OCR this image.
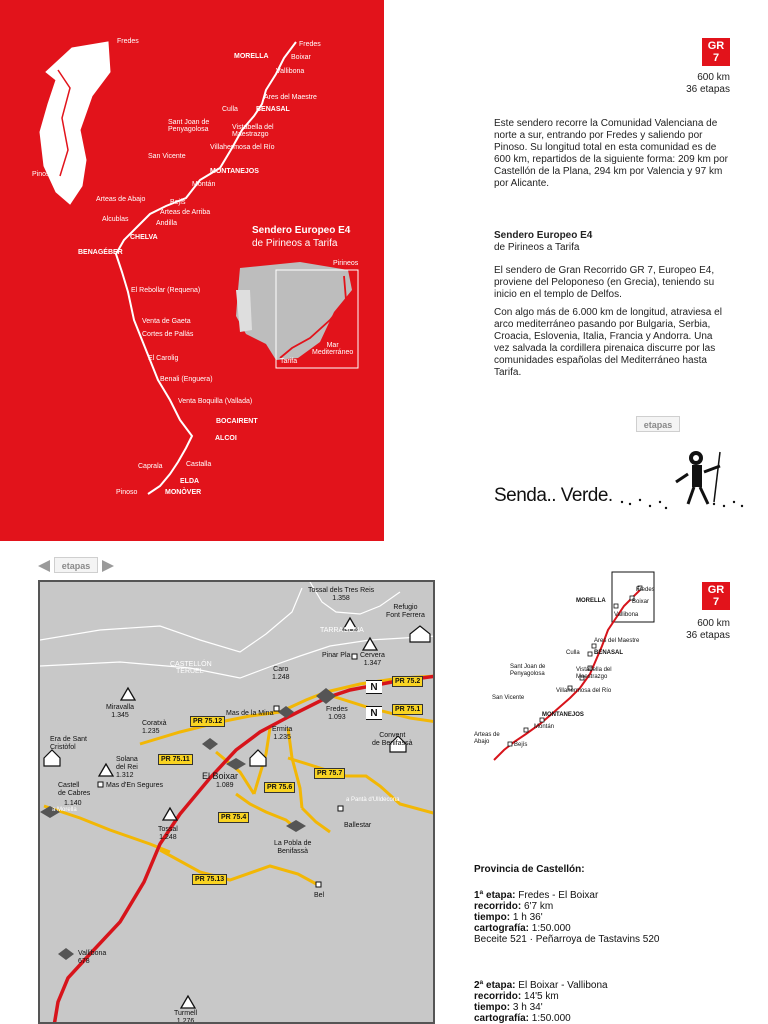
Fredes
Pinoso
Fredes
Boixar
MORELLA
Vallibona
Ares del Maestre
Culla	BENASAL
Sant Joan de
Penyagolosa	Vistabella del
Maestrazgo
Villahermosa del Río
San Vicente
MONTANEJOS
Montán
Arteas de Abajo	Bejís
Arteas de Arriba
Andilla
Alcublas
CHELVA
BENAGÉBER
El Rebollar (Requena)
Venta de Gaeta
Cortes de Pallás
El Carolig
Benali (Enguera)
Venta Boquilla (Vallada)
BOCAIRENT
ALCOI
Caprala	Castalla
ELDA
Pinoso	MONÒVER
Sendero Europeo E4
de Pirineos a Tarifa
Pirineos
Mar
Mediterráneo
Tarifa
GR
7
600 km
36 etapas

Este sendero recorre la Comunidad Valenciana de norte a sur, entrando por Fredes y saliendo por Pinoso. Su longitud total en esta comunidad es de 600 km, repartidos de la siguiente forma: 209 km por Castellón de la Plana, 294 km por Valencia y 97 km por Alicante.

Sendero Europeo E4
de Pirineos a Tarifa

El sendero de Gran Recorrido GR 7, Europeo E4, proviene del Peloponeso (en Grecia), teniendo su inicio en el templo de Delfos.

Con algo más de 6.000 km de longitud, atraviesa el arco mediterráneo pasando por Bulgaria, Serbia, Croacia, Eslovenia, Italia, Francia y Andorra. Una vez salvada la cordillera pirenaica discurre por las comunidades españolas del Mediterráneo hasta Tarifa.

etapas
Senda.. Verde.
etapas
TERUEL
CASTELLÓN
TARRAGONA
Tossal dels Tres Reis
1.358
Refugio
Font Ferrera
Cervera
1.347
Pinar Pla
Caro
1.248
Miravalla
1.345
Coratxà
1.235
Fredes
1.093
Ermita
1.235
Solana
del Rei
1.312
Castell
de Cabres
1.140
El Boixar
1.089
Tossal
1.248
Vallibona
678
Turmell
1.276
Mas de la Mina
Era de Sant
Cristòfol
Mas d'En Segures
Convent
de Benifassà
Ballestar
La Pobla de
Benifassà
Bel
a Morella
a Pantà d'Ulldecona
PR 75.2
PR 75.1
PR 75.12
PR 75.11
PR 75.7
PR 75.6
PR 75.4
PR 75.13
N
N
Fredes
Boixar
MORELLA
Vallibona
Ares del Maestre
Culla BENASAL
Sant Joan de
Penyagolosa
Vistabella del
Maestrazgo
Villahermosa del Río
San Vicente
MONTANEJOS
Montán
Arteas de
Abajo	Bejís
GR
7
600 km
36 etapas
Provincia de Castellón:
1ª etapa: Fredes - El Boixar
recorrido: 6'7 km
tiempo: 1 h 36'
cartografía: 1:50.000
Beceite 521 · Peñarroya de Tastavins 520
2ª etapa: El Boixar - Vallibona
recorrido: 14'5 km
tiempo: 3 h 34'
cartografía: 1:50.000
